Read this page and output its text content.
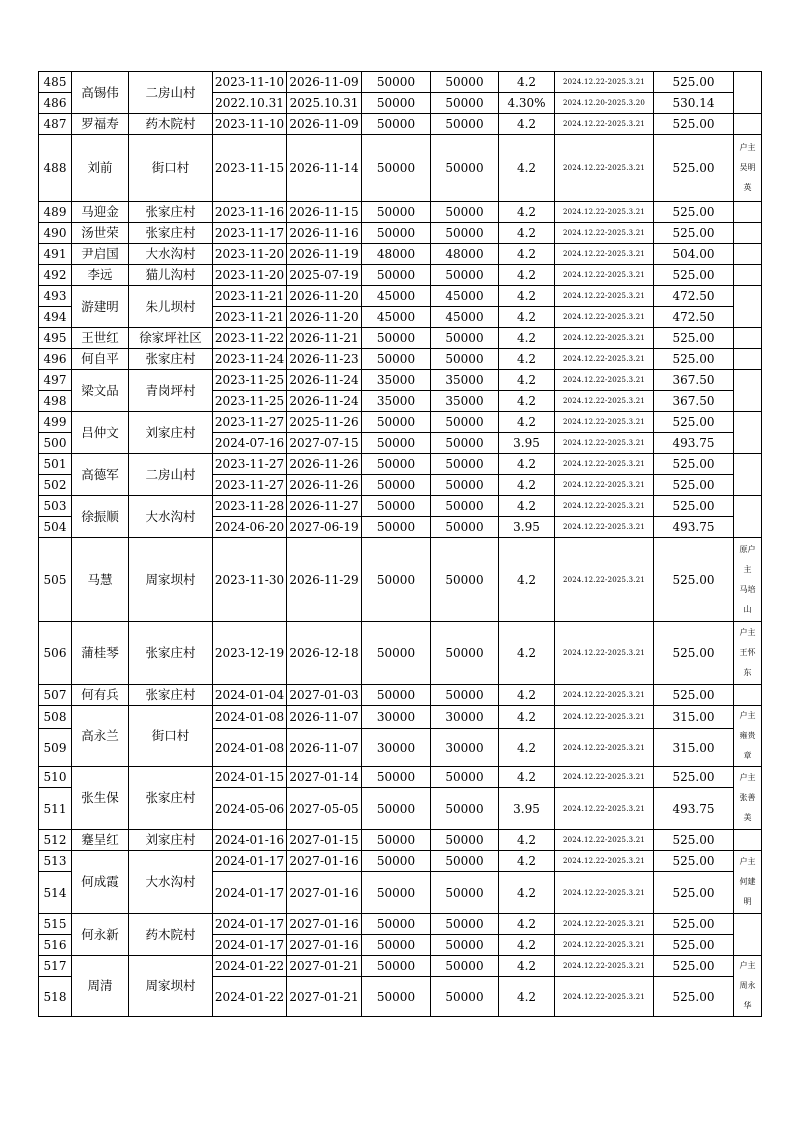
485	高锡伟	二房山村	2023-11-10	2026-11-09	50000	50000	4.2	2024.12.22-2025.3.21	525.00	
486			2022.10.31	2025.10.31	50000	50000	4.30%	2024.12.20-2025.3.20	530.14	
487	罗福寿	药木院村	2023-11-10	2026-11-09	50000	50000	4.2	2024.12.22-2025.3.21	525.00	
488	刘前	街口村	2023-11-15	2026-11-14	50000	50000	4.2	2024.12.22-2025.3.21	525.00	户主
吴明
英

489	马迎金	张家庄村	2023-11-16	2026-11-15	50000	50000	4.2	2024.12.22-2025.3.21	525.00	
490	汤世荣	张家庄村	2023-11-17	2026-11-16	50000	50000	4.2	2024.12.22-2025.3.21	525.00	
491	尹启国	大水沟村	2023-11-20	2026-11-19	48000	48000	4.2	2024.12.22-2025.3.21	504.00	
492	李远	猫儿沟村	2023-11-20	2025-07-19	50000	50000	4.2	2024.12.22-2025.3.21	525.00	
493	游建明	朱儿坝村	2023-11-21	2026-11-20	45000	45000	4.2	2024.12.22-2025.3.21	472.50	
494			2023-11-21	2026-11-20	45000	45000	4.2	2024.12.22-2025.3.21	472.50	
495	王世红	徐家坪社区	2023-11-22	2026-11-21	50000	50000	4.2	2024.12.22-2025.3.21	525.00	
496	何自平	张家庄村	2023-11-24	2026-11-23	50000	50000	4.2	2024.12.22-2025.3.21	525.00	
497	梁文品	青岗坪村	2023-11-25	2026-11-24	35000	35000	4.2	2024.12.22-2025.3.21	367.50	
498			2023-11-25	2026-11-24	35000	35000	4.2	2024.12.22-2025.3.21	367.50	
499	吕仲文	刘家庄村	2023-11-27	2025-11-26	50000	50000	4.2	2024.12.22-2025.3.21	525.00	
500			2024-07-16	2027-07-15	50000	50000	3.95	2024.12.22-2025.3.21	493.75	
501	高德军	二房山村	2023-11-27	2026-11-26	50000	50000	4.2	2024.12.22-2025.3.21	525.00	
502			2023-11-27	2026-11-26	50000	50000	4.2	2024.12.22-2025.3.21	525.00	
503	徐振顺	大水沟村	2023-11-28	2026-11-27	50000	50000	4.2	2024.12.22-2025.3.21	525.00	
504			2024-06-20	2027-06-19	50000	50000	3.95	2024.12.22-2025.3.21	493.75	
505	马慧	周家坝村	2023-11-30	2026-11-29	50000	50000	4.2	2024.12.22-2025.3.21	525.00	原户
主
马培
山

506	蒲桂琴	张家庄村	2023-12-19	2026-12-18	50000	50000	4.2	2024.12.22-2025.3.21	525.00	户主
王怀
东

507	何有兵	张家庄村	2024-01-04	2027-01-03	50000	50000	4.2	2024.12.22-2025.3.21	525.00	
508	高永兰	街口村	2024-01-08	2026-11-07	30000	30000	4.2	2024.12.22-2025.3.21	315.00	户主
雍贵
章

509			2024-01-08	2026-11-07	30000	30000	4.2	2024.12.22-2025.3.21	315.00	
510	张生保	张家庄村	2024-01-15	2027-01-14	50000	50000	4.2	2024.12.22-2025.3.21	525.00	户主
张善
美

511			2024-05-06	2027-05-05	50000	50000	3.95	2024.12.22-2025.3.21	493.75	
512	蹇呈红	刘家庄村	2024-01-16	2027-01-15	50000	50000	4.2	2024.12.22-2025.3.21	525.00	
513	何成霞	大水沟村	2024-01-17	2027-01-16	50000	50000	4.2	2024.12.22-2025.3.21	525.00	户主
何建
明

514			2024-01-17	2027-01-16	50000	50000	4.2	2024.12.22-2025.3.21	525.00	
515	何永新	药木院村	2024-01-17	2027-01-16	50000	50000	4.2	2024.12.22-2025.3.21	525.00	
516			2024-01-17	2027-01-16	50000	50000	4.2	2024.12.22-2025.3.21	525.00	
517	周清	周家坝村	2024-01-22	2027-01-21	50000	50000	4.2	2024.12.22-2025.3.21	525.00	户主
周永
华

518			2024-01-22	2027-01-21	50000	50000	4.2	2024.12.22-2025.3.21	525.00	
